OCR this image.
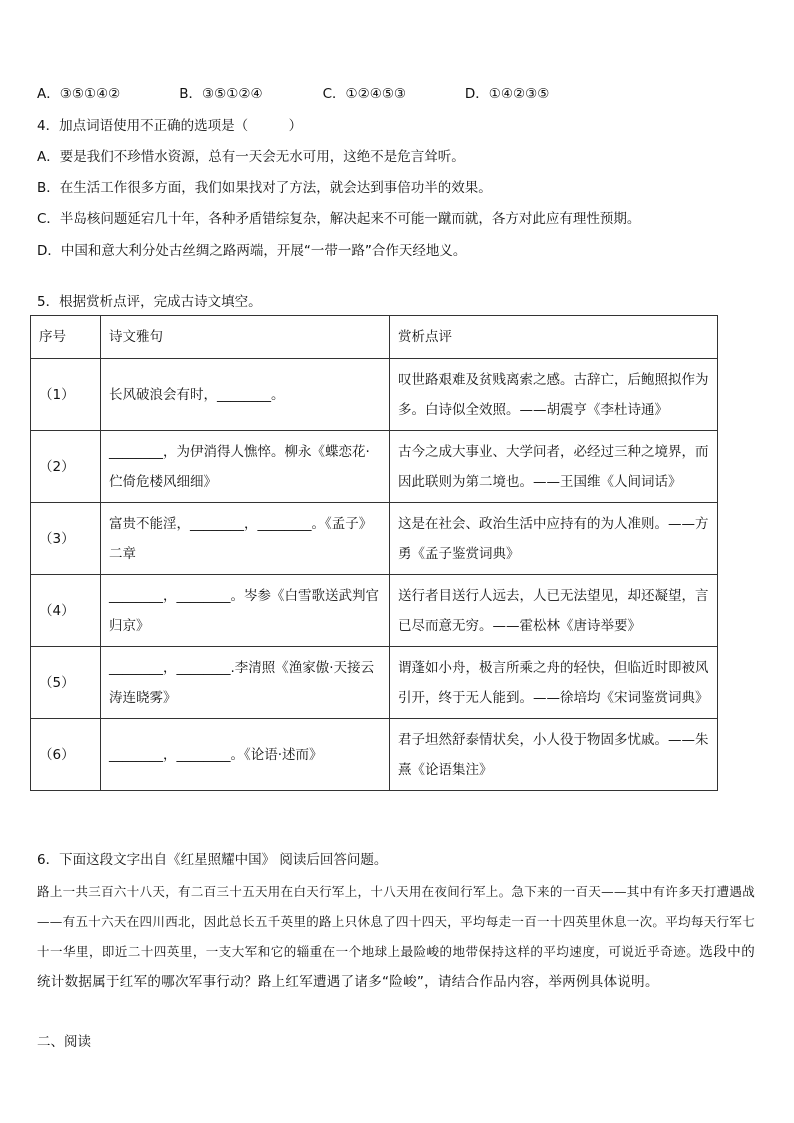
A．③⑤①④②	B．③⑤①②④	C．①②④⑤③	D．①④②③⑤
4．加点词语使用不正确的选项是（　　　）
A．要是我们不珍惜水资源，总有一天会无水可用，这绝不是危言耸听。
B．在生活工作很多方面，我们如果找对了方法，就会达到事倍功半的效果。
C．半岛核问题延宕几十年，各种矛盾错综复杂，解决起来不可能一蹴而就，各方对此应有理性预期。
D．中国和意大利分处古丝绸之路两端，开展“一带一路”合作天经地义。
5．根据赏析点评，完成古诗文填空。
序号	诗文雅句	赏析点评
（1）	长风破浪会有时，________。	叹世路艰难及贫贱离索之感。古辞亡，后鲍照拟作为多。白诗似全效照。——胡震亨《李杜诗通》
（2）	________，为伊消得人憔悴。柳永《蝶恋花·伫倚危楼风细细》	古今之成大事业、大学问者，必经过三种之境界，而因此联则为第二境也。——王国维《人间词话》
（3）	富贵不能淫，________，________。《孟子》二章	这是在社会、政治生活中应持有的为人准则。——方勇《孟子鉴赏词典》
（4）	________，________。岑参《白雪歌送武判官归京》	送行者目送行人远去，人已无法望见，却还凝望，言已尽而意无穷。——霍松林《唐诗举要》
（5）	________，________.李清照《渔家傲·天接云涛连晓雾》	谓蓬如小舟，极言所乘之舟的轻快，但临近时即被风引开，终于无人能到。——徐培均《宋词鉴赏词典》
（6）	________，________。《论语·述而》	君子坦然舒泰情状矣，小人役于物固多忧戚。——朱熹《论语集注》
6．下面这段文字出自《红星照耀中国》 阅读后回答问题。
路上一共三百六十八天，有二百三十五天用在白天行军上，十八天用在夜间行军上。急下来的一百天——其中有许多天打遭遇战——有五十六天在四川西北，因此总长五千英里的路上只休息了四十四天，平均每走一百一十四英里休息一次。平均每天行军七十一华里，即近二十四英里，一支大军和它的辎重在一个地球上最险峻的地带保持这样的平均速度，可说近乎奇迹。选段中的统计数据属于红军的哪次军事行动？路上红军遭遇了诸多“险峻”，请结合作品内容，举两例具体说明。
二、阅读
